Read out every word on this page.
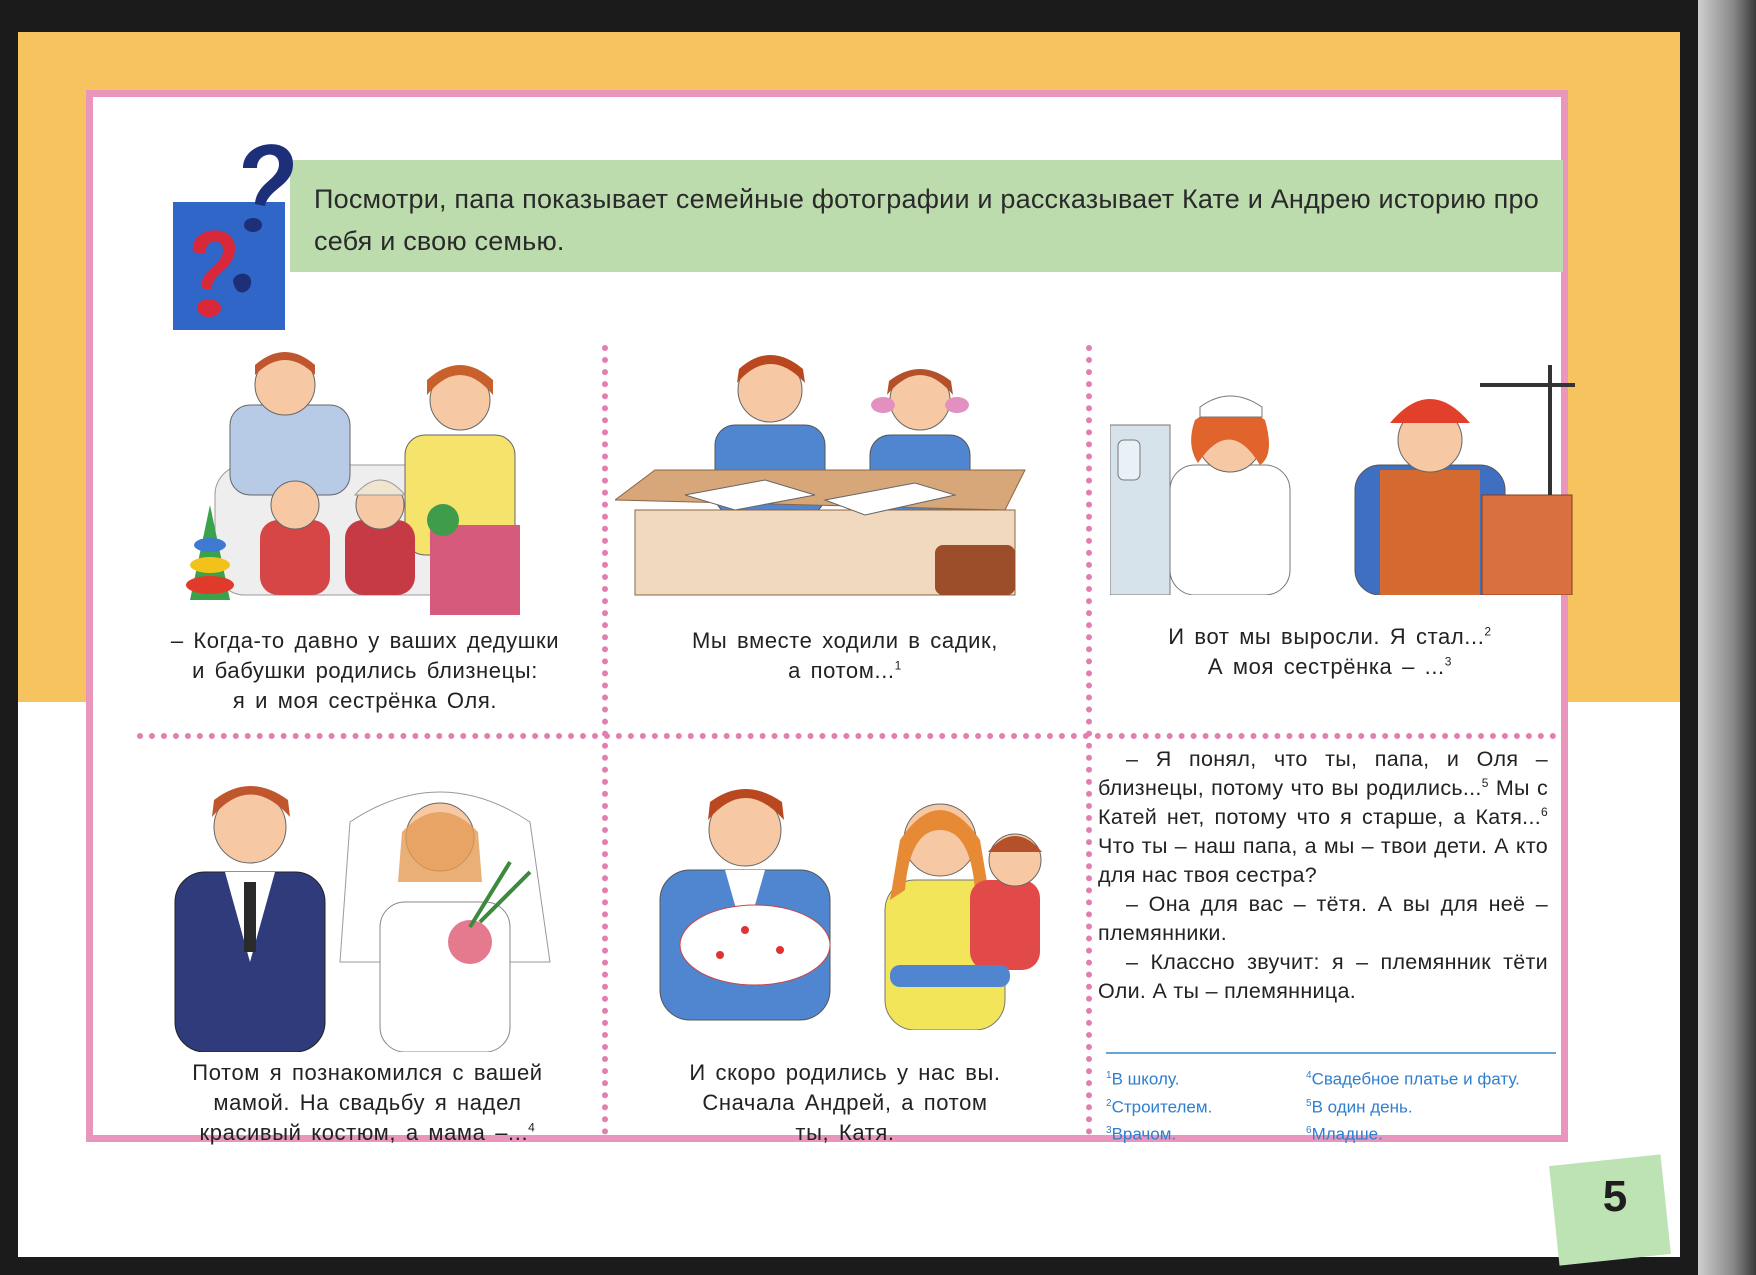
Посмотри, папа показывает семейные фотографии и рассказывает Кате и Андрею историю про себя и свою семью.
– Когда-то давно у ваших дедушки
и бабушки родились близнецы:
я и моя сестрёнка Оля.
Мы вместе ходили в садик,
а потом...$^1$
И вот мы выросли. Я стал...$^2$
А моя сестрёнка – ...$^3$
Потом я познакомился с вашей
мамой. На свадьбу я надел
красивый костюм, а мама –...$^4$
И скоро родились у нас вы.
Сначала Андрей, а потом
ты, Катя.

– Я понял, что ты, папа, и Оля – близнецы, потому что вы родились...$^5$ Мы с Катей нет, потому что я старше, а Катя...$^6$ Что ты – наш папа, а мы – твои дети. А кто для нас твоя сестра?

– Она для вас – тётя. А вы для неё – племянники.

– Классно звучит: я – племянник тёти Оли. А ты – племянница.

$^1$В школу.	$^4$Свадебное платье и фату.
$^2$Строителем.	$^5$В один день.
$^3$Врачом.	$^6$Младше.
5
